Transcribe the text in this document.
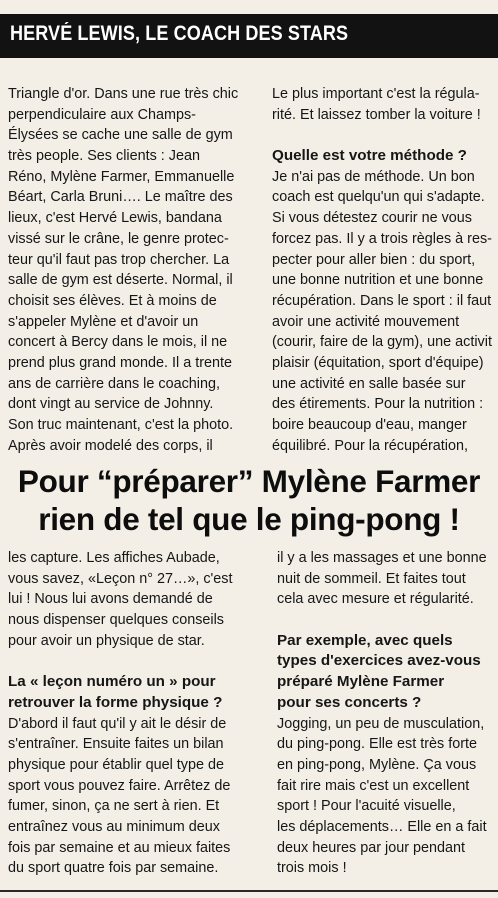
HERVÉ LEWIS, LE COACH DES STARS
Triangle d'or. Dans une rue très chic
perpendiculaire aux Champs-
Élysées se cache une salle de gym
très people. Ses clients : Jean
Réno, Mylène Farmer, Emmanuelle
Béart, Carla Bruni…. Le maître des
lieux, c'est Hervé Lewis, bandana
vissé sur le crâne, le genre protec-
teur qu'il faut pas trop chercher. La
salle de gym est déserte. Normal, il
choisit ses élèves. Et à moins de
s'appeler Mylène et d'avoir un
concert à Bercy dans le mois, il ne
prend plus grand monde. Il a trente
ans de carrière dans le coaching,
dont vingt au service de Johnny.
Son truc maintenant, c'est la photo.
Après avoir modelé des corps, il
Le plus important c'est la régula-
rité. Et laissez tomber la voiture !
Quelle est votre méthode ?
Je n'ai pas de méthode. Un bon
coach est quelqu'un qui s'adapte.
Si vous détestez courir ne vous
forcez pas. Il y a trois règles à res-
pecter pour aller bien : du sport,
une bonne nutrition et une bonne
récupération. Dans le sport : il faut
avoir une activité mouvement
(courir, faire de la gym), une activit
plaisir (équitation, sport d'équipe)
une activité en salle basée sur
des étirements. Pour la nutrition :
boire beaucoup d'eau, manger
équilibré. Pour la récupération,
Pour “préparer” Mylène Farmer
rien de tel que le ping-pong !
les capture. Les affiches Aubade,
vous savez, «Leçon n° 27…», c'est
lui ! Nous lui avons demandé de
nous dispenser quelques conseils
pour avoir un physique de star.
La « leçon numéro un » pour
retrouver la forme physique ?
D'abord il faut qu'il y ait le désir de
s'entraîner. Ensuite faites un bilan
physique pour établir quel type de
sport vous pouvez faire. Arrêtez de
fumer, sinon, ça ne sert à rien. Et
entraînez vous au minimum deux
fois par semaine et au mieux faites
du sport quatre fois par semaine.
il y a les massages et une bonne
nuit de sommeil. Et faites tout
cela avec mesure et régularité.
Par exemple, avec quels
types d'exercices avez-vous
préparé Mylène Farmer
pour ses concerts ?
Jogging, un peu de musculation,
du ping-pong. Elle est très forte
en ping-pong, Mylène. Ça vous
fait rire mais c'est un excellent
sport ! Pour l'acuité visuelle,
les déplacements… Elle en a fait
deux heures par jour pendant
trois mois !
